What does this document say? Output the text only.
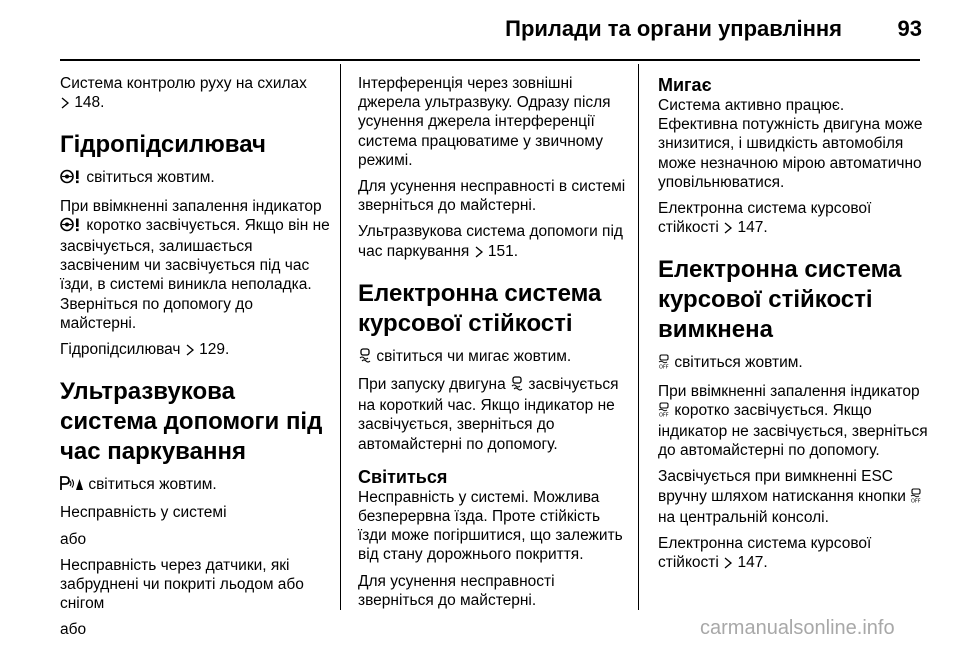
Прилади та органи управління	93

Система контролю руху на схилах
148.

Гідропідсилювач

світиться жовтим.

При ввімкненні запалення індикатор  коротко засвічується. Якщо він не засвічується, залишається засвіченим чи засвічується під час їзди, в системі виникла неполадка. Зверніться по допомогу до майстерні.

Гідропідсилювач 129.

Ультразвукова система допомоги під час паркування

світиться жовтим.

Несправність у системі

або

Несправність через датчики, які забруднені чи покриті льодом або снігом

або

Інтерференція через зовнішні джерела ультразвуку. Одразу після усунення джерела інтерференції система працюватиме у звичному режимі.

Для усунення несправності в системі зверніться до майстерні.

Ультразвукова система допомоги під час паркування 151.

Електронна система курсової стійкості

світиться чи мигає жовтим.

При запуску двигуна засвічується на короткий час. Якщо індикатор не засвічується, зверніться до автомайстерні по допомогу.

Світиться

Несправність у системі. Можлива безперервна їзда. Проте стійкість їзди може погіршитися, що залежить від стану дорожнього покриття.

Для усунення несправності зверніться до майстерні.

Мигає

Система активно працює.

Ефективна потужність двигуна може знизитися, і швидкість автомобіля може незначною мірою автоматично уповільнюватися.

Електронна система курсової стійкості 147.

Електронна система курсової стійкості вимкнена

OFF світиться жовтим.

При ввімкненні запалення індикатор
OFF коротко засвічується. Якщо індикатор не засвічується, зверніться до автомайстерні по допомогу.

Засвічується при вимкненні ESC вручну шляхом натискання кнопки OFF
на центральній консолі.

Електронна система курсової стійкості 147.

carmanualsonline.info
